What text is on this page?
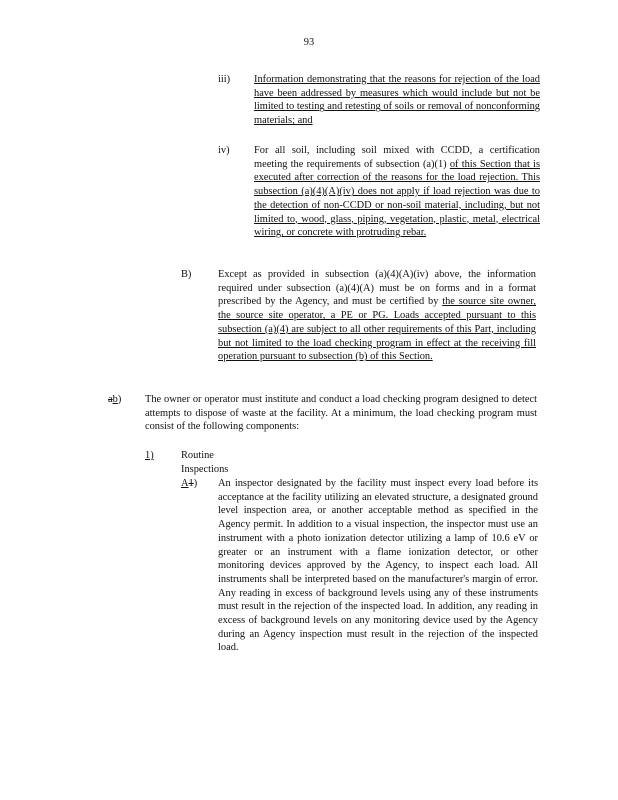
93
iii) Information demonstrating that the reasons for rejection of the load have been addressed by measures which would include but not be limited to testing and retesting of soils or removal of nonconforming materials; and
iv) For all soil, including soil mixed with CCDD, a certification meeting the requirements of subsection (a)(1) of this Section that is executed after correction of the reasons for the load rejection. This subsection (a)(4)(A)(iv) does not apply if load rejection was due to the detection of non-CCDD or non-soil material, including, but not limited to, wood, glass, piping, vegetation, plastic, metal, electrical wiring, or concrete with protruding rebar.
B)	Except as provided in subsection (a)(4)(A)(iv) above, the information required under subsection (a)(4)(A) must be on forms and in a format prescribed by the Agency, and must be certified by the source site owner, the source site operator, a PE or PG. Loads accepted pursuant to this subsection (a)(4) are subject to all other requirements of this Part, including but not limited to the load checking program in effect at the receiving fill operation pursuant to subsection (b) of this Section.
ab) The owner or operator must institute and conduct a load checking program designed to detect attempts to dispose of waste at the facility. At a minimum, the load checking program must consist of the following components:
1)	Routine Inspections
A1) An inspector designated by the facility must inspect every load before its acceptance at the facility utilizing an elevated structure, a designated ground level inspection area, or another acceptable method as specified in the Agency permit. In addition to a visual inspection, the inspector must use an instrument with a photo ionization detector utilizing a lamp of 10.6 eV or greater or an instrument with a flame ionization detector, or other monitoring devices approved by the Agency, to inspect each load. All instruments shall be interpreted based on the manufacturer's margin of error. Any reading in excess of background levels using any of these instruments must result in the rejection of the inspected load. In addition, any reading in excess of background levels on any monitoring device used by the Agency during an Agency inspection must result in the rejection of the inspected load.
